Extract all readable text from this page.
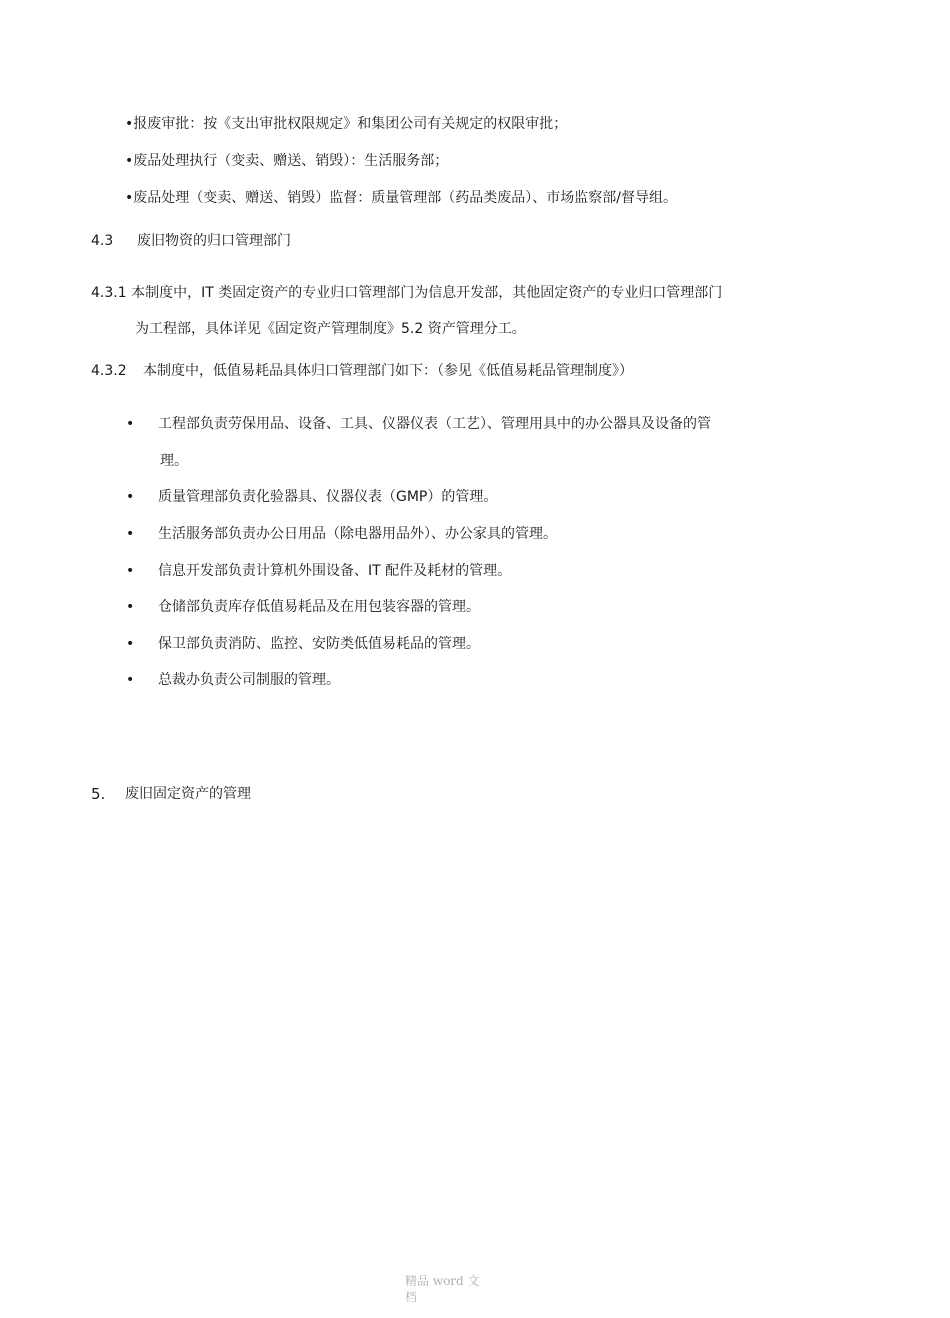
•报废审批：按《支出审批权限规定》和集团公司有关规定的权限审批；
•废品处理执行（变卖、赠送、销毁）：生活服务部；
•废品处理（变卖、赠送、销毁）监督：质量管理部（药品类废品）、市场监察部/督导组。
4.3 废旧物资的归口管理部门
4.3.1 本制度中，IT 类固定资产的专业归口管理部门为信息开发部，其他固定资产的专业归口管理部门
为工程部，具体详见《固定资产管理制度》5.2 资产管理分工。
4.3.2 本制度中，低值易耗品具体归口管理部门如下：（参见《低值易耗品管理制度》）
• 工程部负责劳保用品、设备、工具、仪器仪表（工艺）、管理用具中的办公器具及设备的管
理。
• 质量管理部负责化验器具、仪器仪表（GMP）的管理。
• 生活服务部负责办公日用品（除电器用品外）、办公家具的管理。
• 信息开发部负责计算机外围设备、IT 配件及耗材的管理。
• 仓储部负责库存低值易耗品及在用包装容器的管理。
• 保卫部负责消防、监控、安防类低值易耗品的管理。
• 总裁办负责公司制服的管理。
5. 废旧固定资产的管理
精品 word 文
档
